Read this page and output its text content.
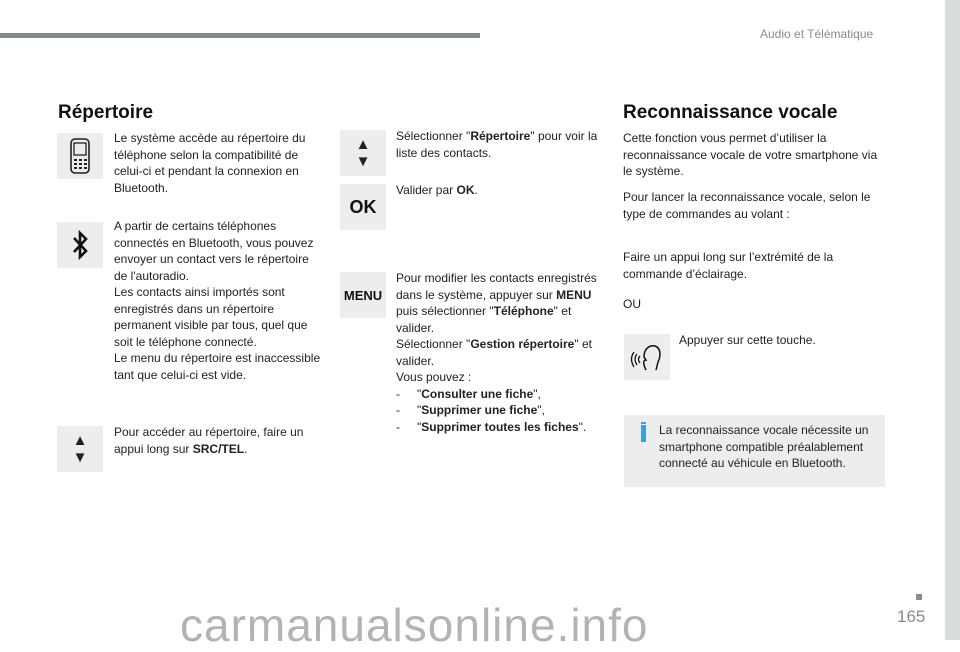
Audio et Télématique
Répertoire
Le système accède au répertoire du téléphone selon la compatibilité de celui-ci et pendant la connexion en Bluetooth.
A partir de certains téléphones connectés en Bluetooth, vous pouvez envoyer un contact vers le répertoire de l'autoradio.
Les contacts ainsi importés sont enregistrés dans un répertoire permanent visible par tous, quel que soit le téléphone connecté.
Le menu du répertoire est inaccessible tant que celui-ci est vide.
▲
▼
Pour accéder au répertoire, faire un appui long sur SRC/TEL.
▲
▼
Sélectionner "Répertoire" pour voir la liste des contacts.
OK
Valider par OK.
MENU
Pour modifier les contacts enregistrés dans le système, appuyer sur MENU puis sélectionner "Téléphone" et valider.
Sélectionner "Gestion répertoire" et valider.
Vous pouvez :
- "Consulter une fiche",
- "Supprimer une fiche",
- "Supprimer toutes les fiches".
Reconnaissance vocale
Cette fonction vous permet d’utiliser la reconnaissance vocale de votre smartphone via le système.
Pour lancer la reconnaissance vocale, selon le type de commandes au volant :
Faire un appui long sur l’extrémité de la commande d’éclairage.
OU
Appuyer sur cette touche.
La reconnaissance vocale nécessite un smartphone compatible préalablement connecté au véhicule en Bluetooth.
165
carmanualsonline.info
